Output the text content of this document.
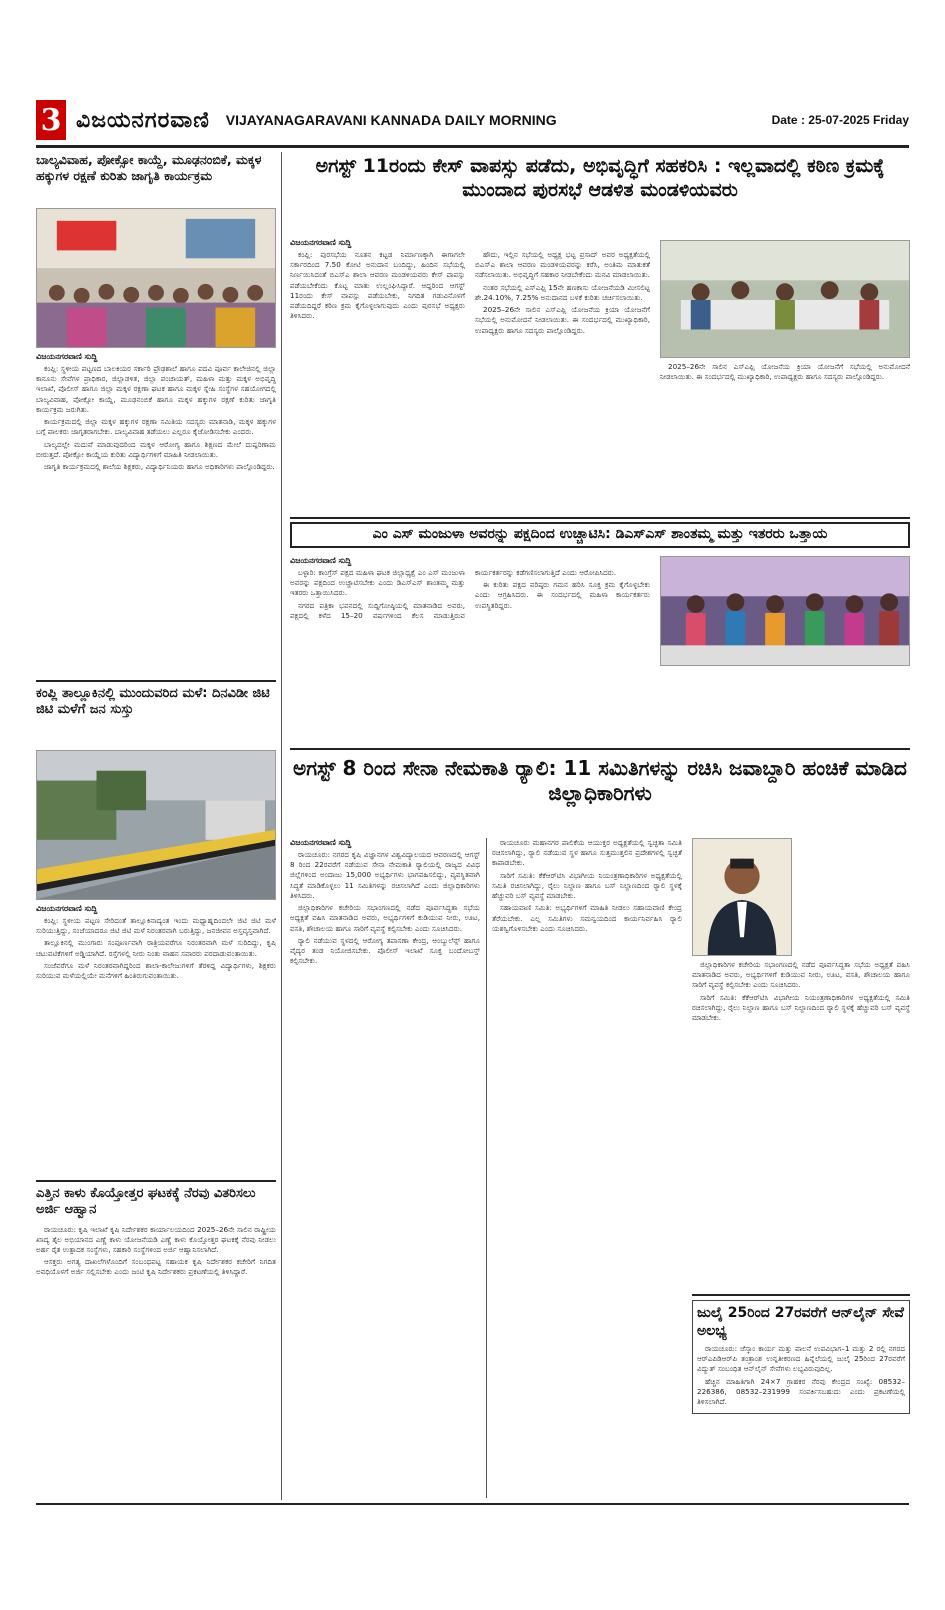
3 ವಿಜಯನಗರವಾಣಿ VIJAYANAGARAVANI KANNADA DAILY MORNING	Date : 25-07-2025 Friday
ಬಾಲ್ಯವಿವಾಹ, ಪೋಕ್ಸೋ ಕಾಯ್ದೆ, ಮೂಢನಂಬಿಕೆ, ಮಕ್ಕಳ ಹಕ್ಕುಗಳ ರಕ್ಷಣೆ ಕುರಿತು ಜಾಗೃತಿ ಕಾರ್ಯಕ್ರಮ
ವಿಜಯನಗರವಾಣಿ ಸುದ್ದಿ

ಕಂಪ್ಲಿ: ಸ್ಥಳೀಯ ಪಟ್ಟಣದ ಬಾಲಕಿಯರ ಸರ್ಕಾರಿ ಪ್ರೌಢಶಾಲೆ ಹಾಗೂ ಪದವಿ ಪೂರ್ವ ಕಾಲೇಜಿನಲ್ಲಿ ಜಿಲ್ಲಾ ಕಾನೂನು ಸೇವೆಗಳ ಪ್ರಾಧಿಕಾರ, ಜಿಲ್ಲಾಡಳಿತ, ಜಿಲ್ಲಾ ಪಂಚಾಯತ್, ಮಹಿಳಾ ಮತ್ತು ಮಕ್ಕಳ ಅಭಿವೃದ್ಧಿ ಇಲಾಖೆ, ಪೊಲೀಸ್ ಹಾಗೂ ಜಿಲ್ಲಾ ಮಕ್ಕಳ ರಕ್ಷಣಾ ಘಟಕ ಹಾಗೂ ಮಕ್ಕಳ ಸ್ನೇಹಿ ಸಂಸ್ಥೆಗಳ ಸಹಯೋಗದಲ್ಲಿ ಬಾಲ್ಯವಿವಾಹ, ಪೋಕ್ಸೋ ಕಾಯ್ದೆ, ಮೂಢನಂಬಿಕೆ ಹಾಗೂ ಮಕ್ಕಳ ಹಕ್ಕುಗಳ ರಕ್ಷಣೆ ಕುರಿತು ಜಾಗೃತಿ ಕಾರ್ಯಕ್ರಮ ಜರುಗಿತು.

ಕಾರ್ಯಕ್ರಮದಲ್ಲಿ ಜಿಲ್ಲಾ ಮಕ್ಕಳ ಹಕ್ಕುಗಳ ರಕ್ಷಣಾ ಸಮಿತಿಯ ಸದಸ್ಯರು ಮಾತನಾಡಿ, ಮಕ್ಕಳ ಹಕ್ಕುಗಳ ಬಗ್ಗೆ ಪಾಲಕರು ಜಾಗೃತರಾಗಬೇಕು. ಬಾಲ್ಯವಿವಾಹ ತಡೆಯಲು ಎಲ್ಲರೂ ಕೈಜೋಡಿಸಬೇಕು ಎಂದರು.

ಬಾಲ್ಯದಲ್ಲೇ ಮದುವೆ ಮಾಡುವುದರಿಂದ ಮಕ್ಕಳ ಆರೋಗ್ಯ ಹಾಗೂ ಶಿಕ್ಷಣದ ಮೇಲೆ ದುಷ್ಪರಿಣಾಮ ಬೀರುತ್ತದೆ. ಪೋಕ್ಸೋ ಕಾಯ್ದೆಯ ಕುರಿತು ವಿದ್ಯಾರ್ಥಿಗಳಿಗೆ ಮಾಹಿತಿ ನೀಡಲಾಯಿತು.

ಜಾಗೃತಿ ಕಾರ್ಯಕ್ರಮದಲ್ಲಿ ಶಾಲೆಯ ಶಿಕ್ಷಕರು, ವಿದ್ಯಾರ್ಥಿನಿಯರು ಹಾಗೂ ಅಧಿಕಾರಿಗಳು ಪಾಲ್ಗೊಂಡಿದ್ದರು.

ಕಂಪ್ಲಿ ತಾಲ್ಲೂಕಿನಲ್ಲಿ ಮುಂದುವರಿದ ಮಳೆ: ದಿನವಿಡೀ ಜಿಟಿ ಜಿಟಿ ಮಳೆಗೆ ಜನ ಸುಸ್ತು
ವಿಜಯನಗರವಾಣಿ ಸುದ್ದಿ

ಕಂಪ್ಲಿ: ಸ್ಥಳೀಯ ಪಟ್ಟಣ ಸೇರಿದಂತೆ ತಾಲ್ಲೂಕಿನಾದ್ಯಂತ ಇಂದು ಮಧ್ಯಾಹ್ನದಿಂದಲೇ ಜಿಟಿ ಜಿಟಿ ಮಳೆ ಸುರಿಯುತ್ತಿದ್ದು, ಸಂಜೆಯಾದರೂ ಜಿಟಿ ಜಿಟಿ ಮಳೆ ನಿರಂತರವಾಗಿ ಬರುತ್ತಿದ್ದು, ಜನಜೀವನ ಅಸ್ತವ್ಯಸ್ತವಾಗಿದೆ.

ತಾಲ್ಲೂಕಿನಲ್ಲಿ ಮುಂಗಾರು ಸಂಪೂರ್ಣವಾಗಿ ರಾತ್ರಿಯವರೆಗೂ ನಿರಂತರವಾಗಿ ಮಳೆ ಸುರಿದಿದ್ದು, ಕೃಷಿ ಚಟುವಟಿಕೆಗಳಿಗೆ ಅಡ್ಡಿಯಾಗಿದೆ. ರಸ್ತೆಗಳಲ್ಲಿ ನೀರು ನಿಂತು ವಾಹನ ಸವಾರರು ಪರದಾಡುವಂತಾಯಿತು.

ಸಂಜೆವರೆಗೂ ಮಳೆ ನಿರಂತರವಾಗಿದ್ದರಿಂದ ಶಾಲಾ-ಕಾಲೇಜುಗಳಿಗೆ ತೆರಳಿದ್ದ ವಿದ್ಯಾರ್ಥಿಗಳು, ಶಿಕ್ಷಕರು ಸುರಿಯುವ ಮಳೆಯಲ್ಲಿಯೇ ಮನೆಗಳಿಗೆ ಹಿಂತಿರುಗುವಂತಾಯಿತು.

ಎತ್ತಿನ ಕಾಳು ಕೊಯ್ತೋತ್ತರ ಘಟಕಕ್ಕೆ ನೆರವು ವಿತರಿಸಲು ಅರ್ಜಿ ಆಹ್ವಾನ

ರಾಯಚೂರು: ಕೃಷಿ ಇಲಾಖೆ ಕೃಷಿ ನಿರ್ದೇಶಕರ ಕಾರ್ಯಾಲಯದಿಂದ 2025–26ನೇ ಸಾಲಿನ ರಾಷ್ಟ್ರೀಯ ಖಾದ್ಯ ತೈಲ ಅಭಿಯಾನದ ಎಣ್ಣೆ ಕಾಳು ಯೋಜನೆಯಡಿ ಎಣ್ಣೆ ಕಾಳು ಕೊಯ್ತೋತ್ತರ ಘಟಕಕ್ಕೆ ನೆರವು ನೀಡಲು ಅರ್ಹ ರೈತ ಉತ್ಪಾದಕ ಸಂಸ್ಥೆಗಳು, ಸಹಕಾರಿ ಸಂಸ್ಥೆಗಳಿಂದ ಅರ್ಜಿ ಆಹ್ವಾನಿಸಲಾಗಿದೆ.

ಆಸಕ್ತರು ಅಗತ್ಯ ದಾಖಲೆಗಳೊಂದಿಗೆ ಸಂಬಂಧಪಟ್ಟ ಸಹಾಯಕ ಕೃಷಿ ನಿರ್ದೇಶಕರ ಕಚೇರಿಗೆ ನಿಗದಿತ ಅವಧಿಯೊಳಗೆ ಅರ್ಜಿ ಸಲ್ಲಿಸಬೇಕು ಎಂದು ಜಂಟಿ ಕೃಷಿ ನಿರ್ದೇಶಕರು ಪ್ರಕಟಣೆಯಲ್ಲಿ ತಿಳಿಸಿದ್ದಾರೆ.

ಅಗಸ್ಟ್ 11ರಂದು ಕೇಸ್ ವಾಪಸ್ಸು ಪಡೆದು, ಅಭಿವೃದ್ಧಿಗೆ ಸಹಕರಿಸಿ : ಇಲ್ಲವಾದಲ್ಲಿ ಕಠಿಣ ಕ್ರಮಕ್ಕೆ ಮುಂದಾದ ಪುರಸಭೆ ಆಡಳಿತ ಮಂಡಳಿಯವರು
ವಿಜಯನಗರವಾಣಿ ಸುದ್ದಿ

ಕಂಪ್ಲಿ: ಪುರಸಭೆಯ ನೂತನ ಕಟ್ಟಡ ನಿರ್ಮಾಣಕ್ಕಾಗಿ ಈಗಾಗಲೇ ಸರ್ಕಾರದಿಂದ 7.50 ಕೋಟಿ ಅನುದಾನ ಬಂದಿದ್ದು, ಹಿಂದಿನ ಸಭೆಯಲ್ಲಿ ನಿರ್ಣಯಿಸಿದಂತೆ ಬಿಎಸ್ಎ ಶಾಲಾ ಆವರಣ ಮಂಡಳಿಯವರು ಕೇಸ್ ವಾಪಸ್ಸು ಪಡೆಯಬೇಕೆಂದು ಕೊಟ್ಟ ಮಾತು ಉಲ್ಲಂಘಿಸಿದ್ದಾರೆ. ಆದ್ದರಿಂದ ಆಗಸ್ಟ್ 11ರಂದು ಕೇಸ್ ವಾಪಸ್ಸು ಪಡೆಯಬೇಕು, ನಿಗದಿತ ಗಡುವಿನೊಳಗೆ ಪಡೆಯದಿದ್ದರೆ ಕಠಿಣ ಕ್ರಮ ಕೈಗೊಳ್ಳಲಾಗುವುದು ಎಂದು ಪುರಸಭೆ ಅಧ್ಯಕ್ಷರು ತಿಳಿಸಿದರು.

ಹೌದು, ಇಲ್ಲಿನ ಸಭೆಯಲ್ಲಿ ಅಧ್ಯಕ್ಷ ಭಟ್ಟ ಪ್ರಸಾದ್ ಅವರ ಅಧ್ಯಕ್ಷತೆಯಲ್ಲಿ ಬಿಎಸ್ಎ ಶಾಲಾ ಆವರಣ ಮಂಡಳಿಯವರನ್ನು ಕರೆಸಿ, ಅಂತಿಮ ಮಾತುಕತೆ ನಡೆಸಲಾಯಿತು. ಅಭಿವೃದ್ಧಿಗೆ ಸಹಕಾರ ನೀಡಬೇಕೆಂದು ಮನವಿ ಮಾಡಲಾಯಿತು.

ನಂತರ ಸಭೆಯಲ್ಲಿ ಎಸ್ಎಫ್ಸಿ 15ನೇ ಹಣಕಾಸು ಯೋಜನೆಯಡಿ ಮೀಸಲಿಟ್ಟ ಶೇ.24.10%, 7.25% ಅನುದಾನದ ಬಳಕೆ ಕುರಿತು ಚರ್ಚಿಸಲಾಯಿತು.

2025–26ನೇ ಸಾಲಿನ ಎಸ್ಎಫ್ಸಿ ಯೋಜನೆಯ ಕ್ರಿಯಾ ಯೋಜನೆಗೆ ಸಭೆಯಲ್ಲಿ ಅನುಮೋದನೆ ನೀಡಲಾಯಿತು. ಈ ಸಂದರ್ಭದಲ್ಲಿ ಮುಖ್ಯಾಧಿಕಾರಿ, ಉಪಾಧ್ಯಕ್ಷರು ಹಾಗೂ ಸದಸ್ಯರು ಪಾಲ್ಗೊಂಡಿದ್ದರು.

2025–26ನೇ ಸಾಲಿನ ಎಸ್ಎಫ್ಸಿ ಯೋಜನೆಯ ಕ್ರಿಯಾ ಯೋಜನೆಗೆ ಸಭೆಯಲ್ಲಿ ಅನುಮೋದನೆ ನೀಡಲಾಯಿತು. ಈ ಸಂದರ್ಭದಲ್ಲಿ ಮುಖ್ಯಾಧಿಕಾರಿ, ಉಪಾಧ್ಯಕ್ಷರು ಹಾಗೂ ಸದಸ್ಯರು ಪಾಲ್ಗೊಂಡಿದ್ದರು.

ಎಂ ಎಸ್ ಮಂಜುಳಾ ಅವರನ್ನು ಪಕ್ಷದಿಂದ ಉಚ್ಚಾಟಿಸಿ: ಡಿಎಸ್‌ಎಸ್ ಶಾಂತಮ್ಮ ಮತ್ತು ಇತರರು ಒತ್ತಾಯ
ವಿಜಯನಗರವಾಣಿ ಸುದ್ದಿ

ಬಳ್ಳಾರಿ: ಕಾಂಗ್ರೆಸ್ ಪಕ್ಷದ ಮಹಿಳಾ ಘಟಕ ಜಿಲ್ಲಾಧ್ಯಕ್ಷೆ ಎಂ ಎಸ್ ಮಂಜುಳಾ ಅವರನ್ನು ಪಕ್ಷದಿಂದ ಉಚ್ಚಾಟಿಸಬೇಕು ಎಂದು ಡಿಎಸ್‌ಎಸ್ ಶಾಂತಮ್ಮ ಮತ್ತು ಇತರರು ಒತ್ತಾಯಿಸಿದರು.

ನಗರದ ಪತ್ರಿಕಾ ಭವನದಲ್ಲಿ ಸುದ್ದಿಗೋಷ್ಠಿಯಲ್ಲಿ ಮಾತನಾಡಿದ ಅವರು, ಪಕ್ಷದಲ್ಲಿ ಕಳೆದ 15–20 ವರ್ಷಗಳಿಂದ ಕೆಲಸ ಮಾಡುತ್ತಿರುವ ಕಾರ್ಯಕರ್ತರನ್ನು ಕಡೆಗಣಿಸಲಾಗುತ್ತಿದೆ ಎಂದು ಆರೋಪಿಸಿದರು.

ಈ ಕುರಿತು ಪಕ್ಷದ ವರಿಷ್ಠರು ಗಮನ ಹರಿಸಿ ಸೂಕ್ತ ಕ್ರಮ ಕೈಗೊಳ್ಳಬೇಕು ಎಂದು ಆಗ್ರಹಿಸಿದರು. ಈ ಸಂದರ್ಭದಲ್ಲಿ ಮಹಿಳಾ ಕಾರ್ಯಕರ್ತರು ಉಪಸ್ಥಿತರಿದ್ದರು.

ಅಗಸ್ಟ್ 8 ರಿಂದ ಸೇನಾ ನೇಮಕಾತಿ ರ್‍ಯಾಲಿ: 11 ಸಮಿತಿಗಳನ್ನು ರಚಿಸಿ ಜವಾಬ್ದಾರಿ ಹಂಚಿಕೆ ಮಾಡಿದ ಜಿಲ್ಲಾಧಿಕಾರಿಗಳು
ವಿಜಯನಗರವಾಣಿ ಸುದ್ದಿ

ರಾಯಚೂರು: ನಗರದ ಕೃಷಿ ವಿಜ್ಞಾನಗಳ ವಿಶ್ವವಿದ್ಯಾಲಯದ ಆವರಣದಲ್ಲಿ ಆಗಸ್ಟ್ 8 ರಿಂದ 22ರವರೆಗೆ ನಡೆಯುವ ಸೇನಾ ನೇಮಕಾತಿ ರ್‍ಯಾಲಿಯಲ್ಲಿ ರಾಜ್ಯದ ವಿವಿಧ ಜಿಲ್ಲೆಗಳಿಂದ ಅಂದಾಜು 15,000 ಅಭ್ಯರ್ಥಿಗಳು ಭಾಗವಹಿಸಲಿದ್ದು, ವ್ಯವಸ್ಥಿತವಾಗಿ ಸಿದ್ಧತೆ ಮಾಡಿಕೊಳ್ಳಲು 11 ಸಮಿತಿಗಳನ್ನು ರಚಿಸಲಾಗಿದೆ ಎಂದು ಜಿಲ್ಲಾಧಿಕಾರಿಗಳು ತಿಳಿಸಿದರು.

ಜಿಲ್ಲಾಧಿಕಾರಿಗಳ ಕಚೇರಿಯ ಸಭಾಂಗಣದಲ್ಲಿ ನಡೆದ ಪೂರ್ವಸಿದ್ಧತಾ ಸಭೆಯ ಅಧ್ಯಕ್ಷತೆ ವಹಿಸಿ ಮಾತನಾಡಿದ ಅವರು, ಅಭ್ಯರ್ಥಿಗಳಿಗೆ ಕುಡಿಯುವ ನೀರು, ಊಟ, ವಸತಿ, ಶೌಚಾಲಯ ಹಾಗೂ ಸಾರಿಗೆ ವ್ಯವಸ್ಥೆ ಕಲ್ಪಿಸಬೇಕು ಎಂದು ಸೂಚಿಸಿದರು.

ರ್‍ಯಾಲಿ ನಡೆಯುವ ಸ್ಥಳದಲ್ಲಿ ಆರೋಗ್ಯ ತಪಾಸಣಾ ಕೇಂದ್ರ, ಆಂಬ್ಯುಲೆನ್ಸ್ ಹಾಗೂ ವೈದ್ಯರ ತಂಡ ನಿಯೋಜಿಸಬೇಕು. ಪೊಲೀಸ್ ಇಲಾಖೆ ಸೂಕ್ತ ಬಂದೋಬಸ್ತ್ ಕಲ್ಪಿಸಬೇಕು.

ರಾಯಚೂರು ಮಹಾನಗರ ಪಾಲಿಕೆಯ ಆಯುಕ್ತರ ಅಧ್ಯಕ್ಷತೆಯಲ್ಲಿ ಸ್ವಚ್ಛತಾ ಸಮಿತಿ ರಚಿಸಲಾಗಿದ್ದು, ರ್‍ಯಾಲಿ ನಡೆಯುವ ಸ್ಥಳ ಹಾಗೂ ಸುತ್ತಮುತ್ತಲಿನ ಪ್ರದೇಶಗಳಲ್ಲಿ ಸ್ವಚ್ಛತೆ ಕಾಪಾಡಬೇಕು.

ಸಾರಿಗೆ ಸಮಿತಿ: ಕೆಕೆಆರ್‌ಟಿಸಿ ವಿಭಾಗೀಯ ನಿಯಂತ್ರಣಾಧಿಕಾರಿಗಳ ಅಧ್ಯಕ್ಷತೆಯಲ್ಲಿ ಸಮಿತಿ ರಚಿಸಲಾಗಿದ್ದು, ರೈಲು ನಿಲ್ದಾಣ ಹಾಗೂ ಬಸ್ ನಿಲ್ದಾಣದಿಂದ ರ್‍ಯಾಲಿ ಸ್ಥಳಕ್ಕೆ ಹೆಚ್ಚುವರಿ ಬಸ್ ವ್ಯವಸ್ಥೆ ಮಾಡಬೇಕು.

ಸಹಾಯವಾಣಿ ಸಮಿತಿ: ಅಭ್ಯರ್ಥಿಗಳಿಗೆ ಮಾಹಿತಿ ನೀಡಲು ಸಹಾಯವಾಣಿ ಕೇಂದ್ರ ತೆರೆಯಬೇಕು. ಎಲ್ಲ ಸಮಿತಿಗಳು ಸಮನ್ವಯದಿಂದ ಕಾರ್ಯನಿರ್ವಹಿಸಿ ರ್‍ಯಾಲಿ ಯಶಸ್ವಿಗೊಳಿಸಬೇಕು ಎಂದು ಸೂಚಿಸಿದರು.

ಜಿಲ್ಲಾಧಿಕಾರಿಗಳ ಕಚೇರಿಯ ಸಭಾಂಗಣದಲ್ಲಿ ನಡೆದ ಪೂರ್ವಸಿದ್ಧತಾ ಸಭೆಯ ಅಧ್ಯಕ್ಷತೆ ವಹಿಸಿ ಮಾತನಾಡಿದ ಅವರು, ಅಭ್ಯರ್ಥಿಗಳಿಗೆ ಕುಡಿಯುವ ನೀರು, ಊಟ, ವಸತಿ, ಶೌಚಾಲಯ ಹಾಗೂ ಸಾರಿಗೆ ವ್ಯವಸ್ಥೆ ಕಲ್ಪಿಸಬೇಕು ಎಂದು ಸೂಚಿಸಿದರು.

ಸಾರಿಗೆ ಸಮಿತಿ: ಕೆಕೆಆರ್‌ಟಿಸಿ ವಿಭಾಗೀಯ ನಿಯಂತ್ರಣಾಧಿಕಾರಿಗಳ ಅಧ್ಯಕ್ಷತೆಯಲ್ಲಿ ಸಮಿತಿ ರಚಿಸಲಾಗಿದ್ದು, ರೈಲು ನಿಲ್ದಾಣ ಹಾಗೂ ಬಸ್ ನಿಲ್ದಾಣದಿಂದ ರ್‍ಯಾಲಿ ಸ್ಥಳಕ್ಕೆ ಹೆಚ್ಚುವರಿ ಬಸ್ ವ್ಯವಸ್ಥೆ ಮಾಡಬೇಕು.

ಜುಲೈ 25ರಿಂದ 27ರವರೆಗೆ ಆನ್‌ಲೈನ್ ಸೇವೆ ಅಲಭ್ಯ

ರಾಯಚೂರು: ಜೆಸ್ಕಾಂ ಕಾರ್ಯ ಮತ್ತು ಪಾಲನೆ ಉಪವಿಭಾಗ–1 ಮತ್ತು 2 ರಲ್ಲಿ ನಗರದ ಆರ್‌ಎಪಿಡಿಆರ್‌ಪಿ ತಂತ್ರಾಂಶ ಉನ್ನತೀಕರಣದ ಹಿನ್ನೆಲೆಯಲ್ಲಿ ಜುಲೈ 25ರಿಂದ 27ರವರೆಗೆ ವಿದ್ಯುತ್ ಸಂಬಂಧಿತ ಆನ್‌ಲೈನ್ ಸೇವೆಗಳು ಲಭ್ಯವಿರುವುದಿಲ್ಲ.

ಹೆಚ್ಚಿನ ಮಾಹಿತಿಗಾಗಿ 24×7 ಗ್ರಾಹಕರ ನೆರವು ಕೇಂದ್ರದ ಸಂಖ್ಯೆ: 08532–226386, 08532–231999 ಸಂಪರ್ಕಿಸಬಹುದು ಎಂದು ಪ್ರಕಟಣೆಯಲ್ಲಿ ತಿಳಿಸಲಾಗಿದೆ.
